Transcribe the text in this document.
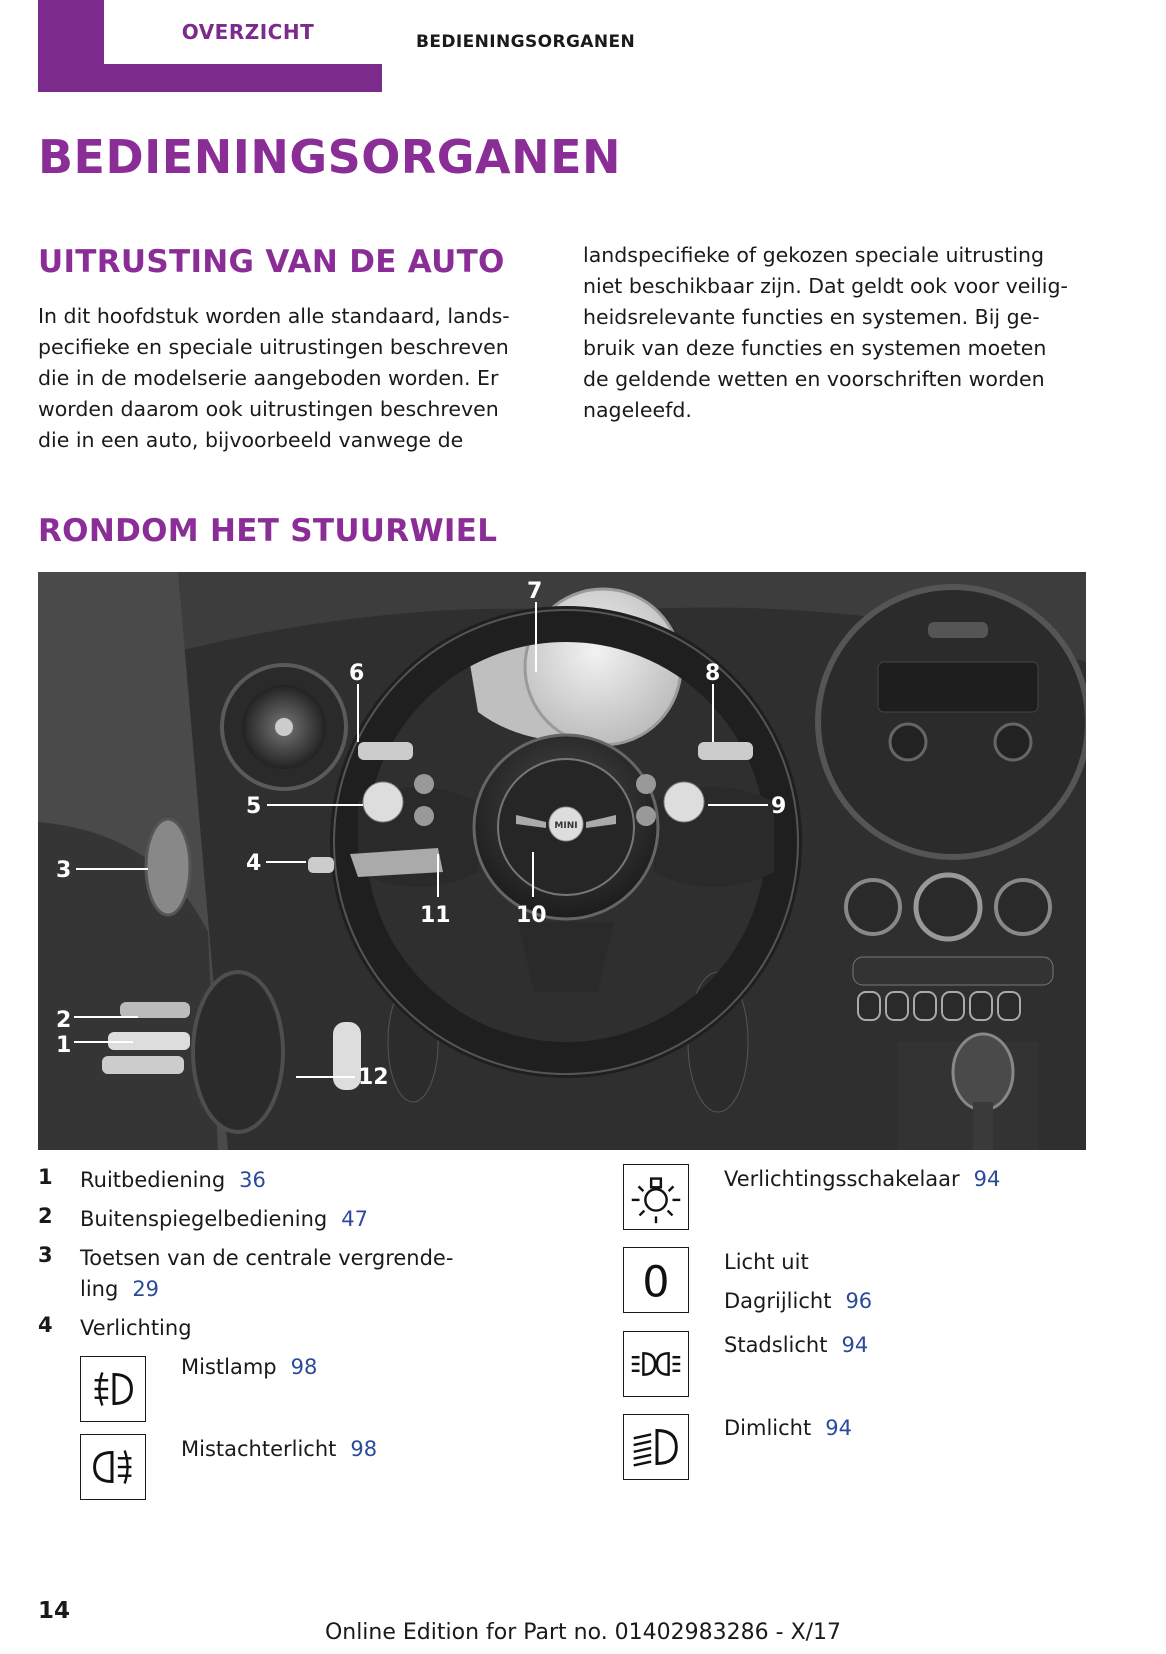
OVERZICHT	BEDIENINGSORGANEN
BEDIENINGSORGANEN
UITRUSTING VAN DE AUTO
In dit hoofdstuk worden alle standaard, lands-
pecifieke en speciale uitrustingen beschreven
die in de modelserie aangeboden worden. Er
worden daarom ook uitrustingen beschreven
die in een auto, bijvoorbeeld vanwege de
landspecifieke of gekozen speciale uitrusting
niet beschikbaar zijn. Dat geldt ook voor veilig-
heidsrelevante functies en systemen. Bij ge-
bruik van deze functies en systemen moeten
de geldende wetten en voorschriften worden
nageleefd.
RONDOM HET STUURWIEL
MINI
1
2
3	4
5
6
7
8
9
10
11
12
1 Ruitbediening 36
2 Buitenspiegelbediening 47
3 Toetsen van de centrale vergrende-
ling 29
4 Verlichting
Mistlamp 98
Mistachterlicht 98
Verlichtingsschakelaar 94
0	Licht uit
Dagrijlicht 96
Stadslicht 94
Dimlicht 94
14
Online Edition for Part no. 01402983286 - X/17
